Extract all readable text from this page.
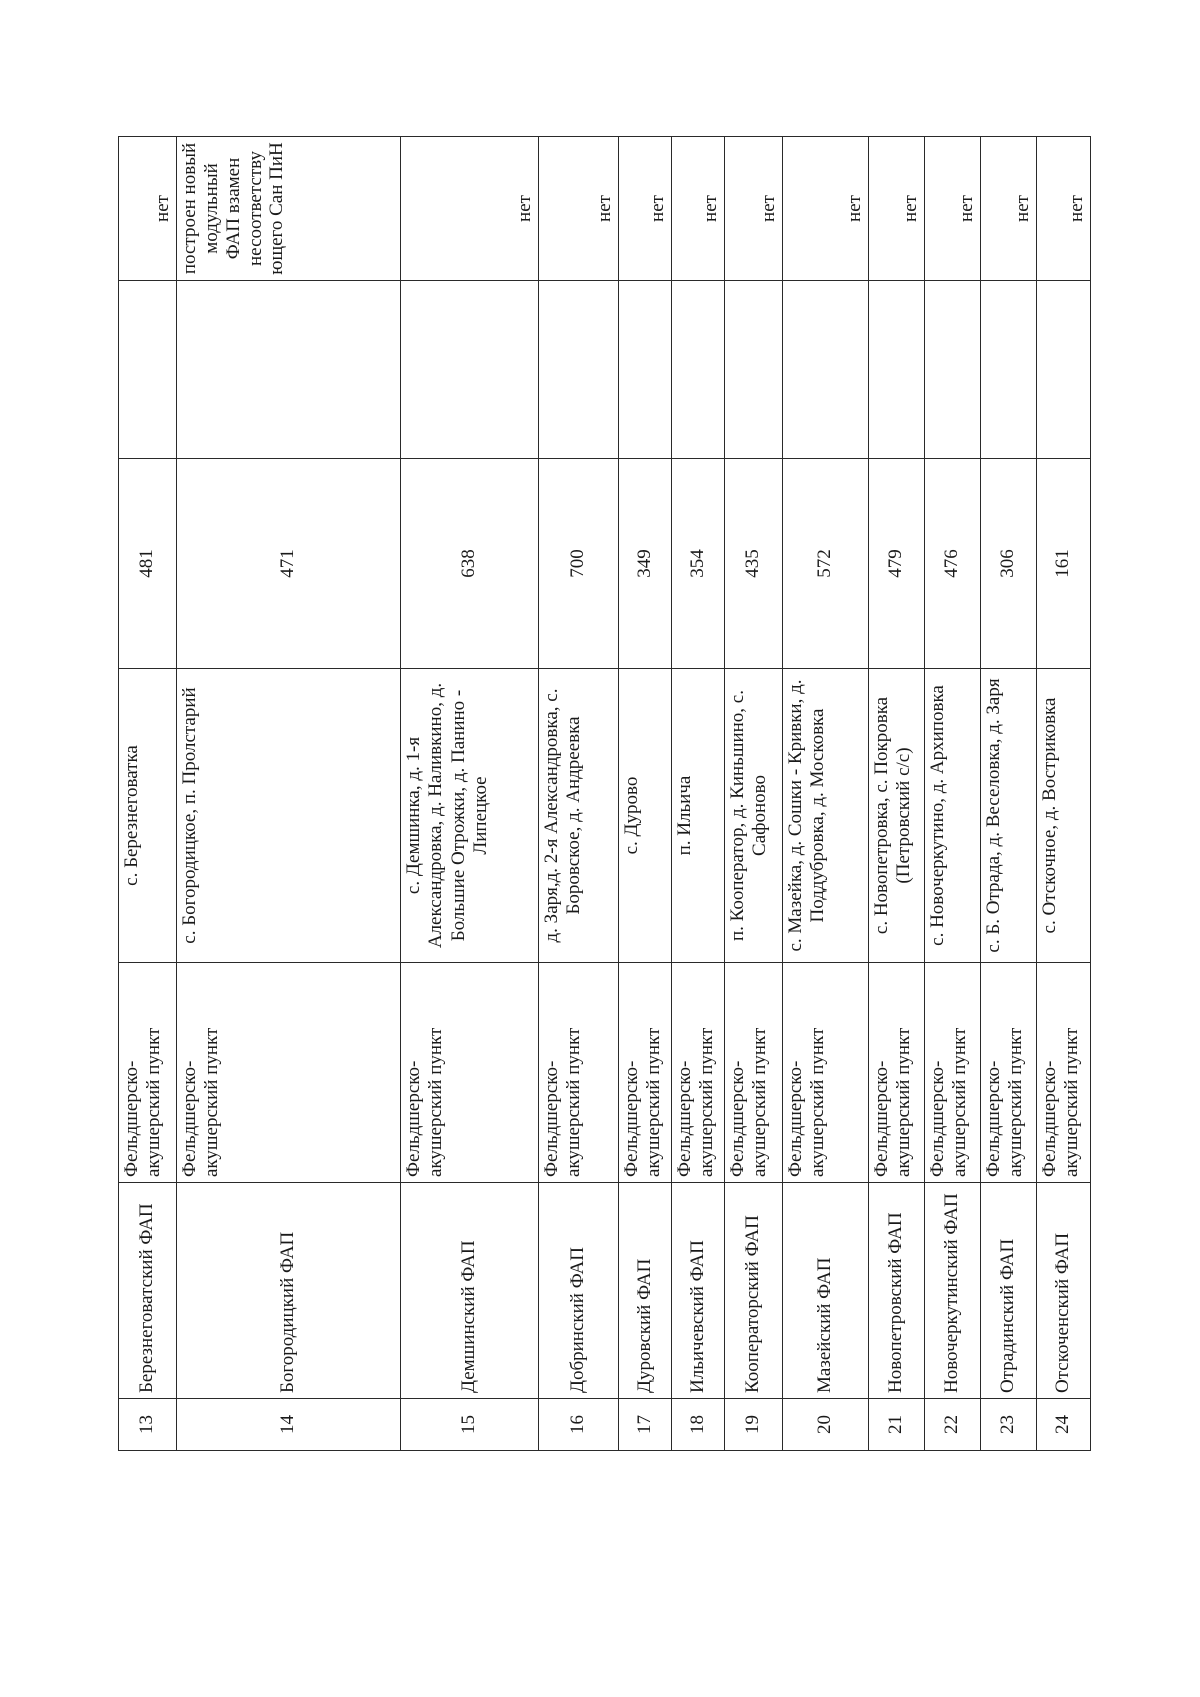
13	Березнеговатский ФАП	Фельдшерско-акушерский пункт	с. Березнеговатка	481		нет
14	Богородицкий ФАП	Фельдшерско-акушерский пункт	с. Богородицкое, п. Пролстарий	471		построен новый модульный ФАП взамен несоответству ющего Сан ПиН
15	Демшинский ФАП	Фельдшерско-акушерский пункт	с. Демшинка, д. 1-я Александровка, д. Наливкино, д. Большие Отрожки, д. Панино - Липецкое	638		нет
16	Добринский ФАП	Фельдшерско-акушерский пункт	д. Заря,д. 2-я Александровка, с. Боровское, д. Андреевка	700		нет
17	Дуровский ФАП	Фельдшерско-акушерский пункт	с. Дурово	349		нет
18	Ильичевский ФАП	Фельдшерско-акушерский пункт	п. Ильича	354		нет
19	Кооператорский ФАП	Фельдшерско-акушерский пункт	п. Кооператор, д. Киньшино, с. Сафоново	435		нет
20	Мазейский ФАП	Фельдшерско-акушерский пункт	с. Мазейка, д. Сошки - Кривки, д. Поддубровка, д. Московка	572		нет
21	Новопетровский ФАП	Фельдшерско-акушерский пункт	с. Новопетровка, с. Покровка (Петровский с/с)	479		нет
22	Новочеркутинский ФАП	Фельдшерско-акушерский пункт	с. Новочеркутино, д. Архиповка	476		нет
23	Отрадинский ФАП	Фельдшерско-акушерский пункт	с. Б. Отрада, д. Веселовка, д. Заря	306		нет
24	Отскоченский ФАП	Фельдшерско-акушерский пункт	с. Отскочное, д. Востриковка	161		нет
